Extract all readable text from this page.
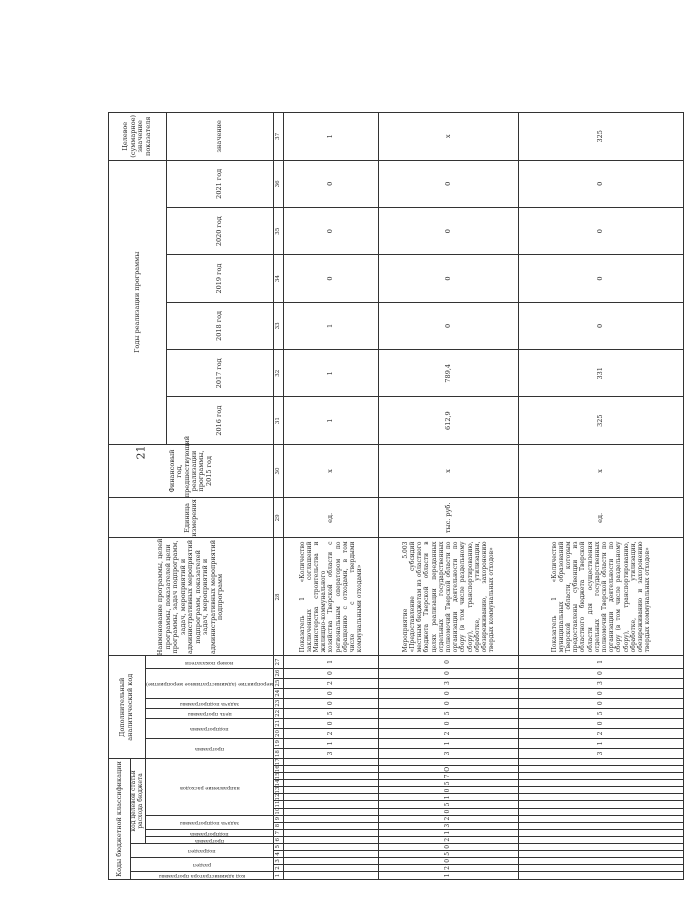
21
Коды бюджетной классификации																	Дополнительный аналитический код										Наименование программы, целей программы, показателей цели программы, задач подпрограмм, задач, мероприятий и административных мероприятий подпрограмм, показателей задач, мероприятий и административных мероприятий подпрограмм	Единица измерения	Финансовый год, предшествующий реализации программы, 2015 год	Годы реализации программы						Целевое (суммарное) значение показателя

код администратора программы	раздел		подраздел		код целевой статьи расхода бюджета																															

					программа	подпрограмма	задача подпрограммы		направление расходов								программа		подпрограмма		цель программы	задача подпрограммы	мероприятие (административное мероприятие)			номер показателя										

																														2016 год	2017 год	2018 год	2019 год	2020 год	2021 год	значение
1	2	3	4	5	6	7	8	9	10	11	12	13	14	15	16	17	18	19	20	21	22	23	24	25	26	27	28	29	30	31	32	33	34	35	36	37
																	3	1	2	0	5	0	0	2	0	1	Показатель 1 «Количество заключенных соглашений Министерства строительства и жилищно-коммунального хозяйства Тверской области с региональным оператором по обращению с отходами, в том числе с твердыми коммунальными отходами»	ед.	х	1	1	1	0	0	0	1
1	2	0	5	0	2	1	3	2	0	5	1	0	5	7	О		3	1	2	0	5	0	0	3	0	0	Мероприятие 5.003 «Предоставление субсидий местным бюджетам из областного бюджета Тверской области в целях реализации переданных отдельных государственных полномочий Тверской области по организации деятельности по сбору (в том числе раздельному сбору), транспортированию, обработке, утилизации, обезвреживанию, захоронению твердых коммунальных отходов»	тыс. руб.	х	612,9	789,4	0	0	0	0	х
																	3	1	2	0	5	0	0	3	0	1	Показатель 1 «Количество муниципальных образований Тверской области, которым предоставлены субвенции из областного бюджета Тверской области для осуществления отдельных государственных полномочий Тверской области по организации деятельности по сбору (в том числе раздельному сбору), транспортированию, обработке, утилизации, обезвреживанию и захоронению твердых коммунальных отходов»	ед.	х	325	331	0	0	0	0	325
